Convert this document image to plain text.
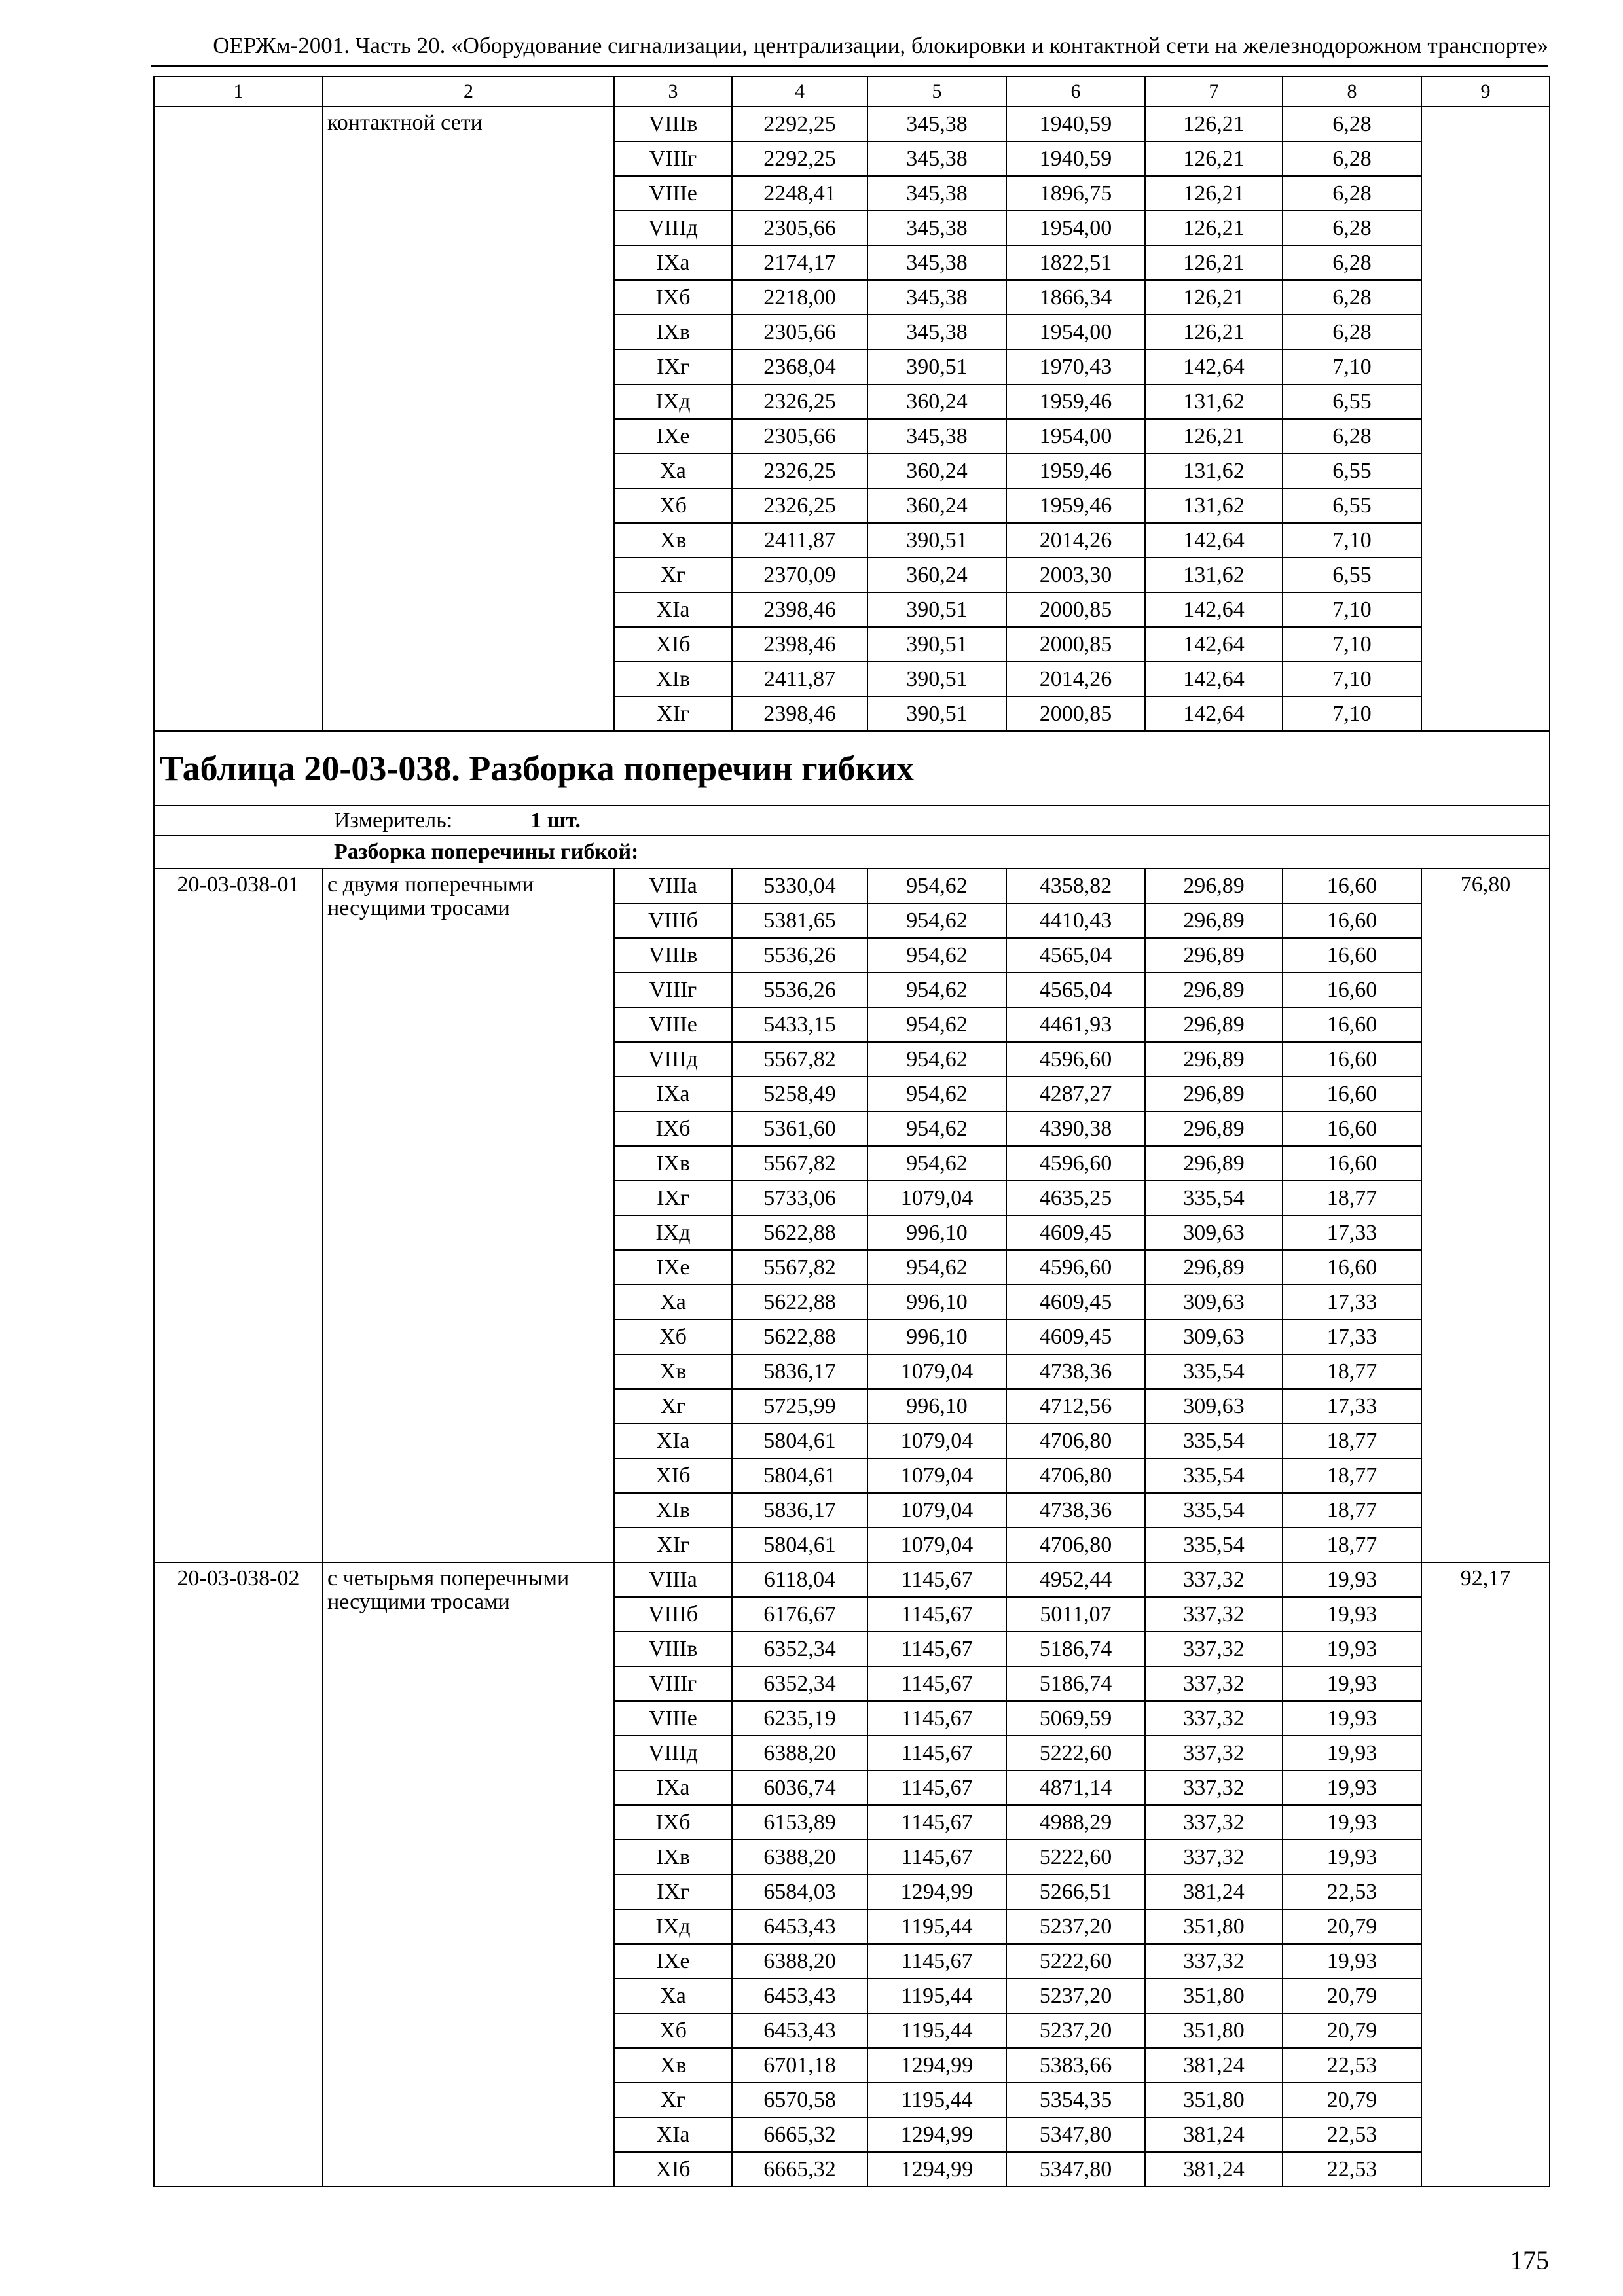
ОЕРЖм-2001. Часть 20. «Оборудование сигнализации, централизации, блокировки и контактной сети на железнодорожном транспорте»
1	2	3	4	5	6	7	8	9
	контактной сети	VIIIв	2292,25	345,38	1940,59	126,21	6,28	
		VIIIг	2292,25	345,38	1940,59	126,21	6,28	
		VIIIе	2248,41	345,38	1896,75	126,21	6,28	
		VIIIд	2305,66	345,38	1954,00	126,21	6,28	
		IXа	2174,17	345,38	1822,51	126,21	6,28	
		IXб	2218,00	345,38	1866,34	126,21	6,28	
		IXв	2305,66	345,38	1954,00	126,21	6,28	
		IXг	2368,04	390,51	1970,43	142,64	7,10	
		IXд	2326,25	360,24	1959,46	131,62	6,55	
		IXе	2305,66	345,38	1954,00	126,21	6,28	
		Xа	2326,25	360,24	1959,46	131,62	6,55	
		Xб	2326,25	360,24	1959,46	131,62	6,55	
		Xв	2411,87	390,51	2014,26	142,64	7,10	
		Xг	2370,09	360,24	2003,30	131,62	6,55	
		XIа	2398,46	390,51	2000,85	142,64	7,10	
		XIб	2398,46	390,51	2000,85	142,64	7,10	
		XIв	2411,87	390,51	2014,26	142,64	7,10	
		XIг	2398,46	390,51	2000,85	142,64	7,10	
Таблица 20-03-038. Разборка поперечин гибких								
Измеритель: 1 шт.								
Разборка поперечины гибкой:								
20-03-038-01	с двумя поперечными несущими тросами	VIIIа	5330,04	954,62	4358,82	296,89	16,60	76,80
		VIIIб	5381,65	954,62	4410,43	296,89	16,60	
		VIIIв	5536,26	954,62	4565,04	296,89	16,60	
		VIIIг	5536,26	954,62	4565,04	296,89	16,60	
		VIIIе	5433,15	954,62	4461,93	296,89	16,60	
		VIIIд	5567,82	954,62	4596,60	296,89	16,60	
		IXа	5258,49	954,62	4287,27	296,89	16,60	
		IXб	5361,60	954,62	4390,38	296,89	16,60	
		IXв	5567,82	954,62	4596,60	296,89	16,60	
		IXг	5733,06	1079,04	4635,25	335,54	18,77	
		IXд	5622,88	996,10	4609,45	309,63	17,33	
		IXе	5567,82	954,62	4596,60	296,89	16,60	
		Xа	5622,88	996,10	4609,45	309,63	17,33	
		Xб	5622,88	996,10	4609,45	309,63	17,33	
		Xв	5836,17	1079,04	4738,36	335,54	18,77	
		Xг	5725,99	996,10	4712,56	309,63	17,33	
		XIа	5804,61	1079,04	4706,80	335,54	18,77	
		XIб	5804,61	1079,04	4706,80	335,54	18,77	
		XIв	5836,17	1079,04	4738,36	335,54	18,77	
		XIг	5804,61	1079,04	4706,80	335,54	18,77	
20-03-038-02	с четырьмя поперечными несущими тросами	VIIIа	6118,04	1145,67	4952,44	337,32	19,93	92,17
		VIIIб	6176,67	1145,67	5011,07	337,32	19,93	
		VIIIв	6352,34	1145,67	5186,74	337,32	19,93	
		VIIIг	6352,34	1145,67	5186,74	337,32	19,93	
		VIIIе	6235,19	1145,67	5069,59	337,32	19,93	
		VIIIд	6388,20	1145,67	5222,60	337,32	19,93	
		IXа	6036,74	1145,67	4871,14	337,32	19,93	
		IXб	6153,89	1145,67	4988,29	337,32	19,93	
		IXв	6388,20	1145,67	5222,60	337,32	19,93	
		IXг	6584,03	1294,99	5266,51	381,24	22,53	
		IXд	6453,43	1195,44	5237,20	351,80	20,79	
		IXе	6388,20	1145,67	5222,60	337,32	19,93	
		Xа	6453,43	1195,44	5237,20	351,80	20,79	
		Xб	6453,43	1195,44	5237,20	351,80	20,79	
		Xв	6701,18	1294,99	5383,66	381,24	22,53	
		Xг	6570,58	1195,44	5354,35	351,80	20,79	
		XIа	6665,32	1294,99	5347,80	381,24	22,53	
		XIб	6665,32	1294,99	5347,80	381,24	22,53	
175
